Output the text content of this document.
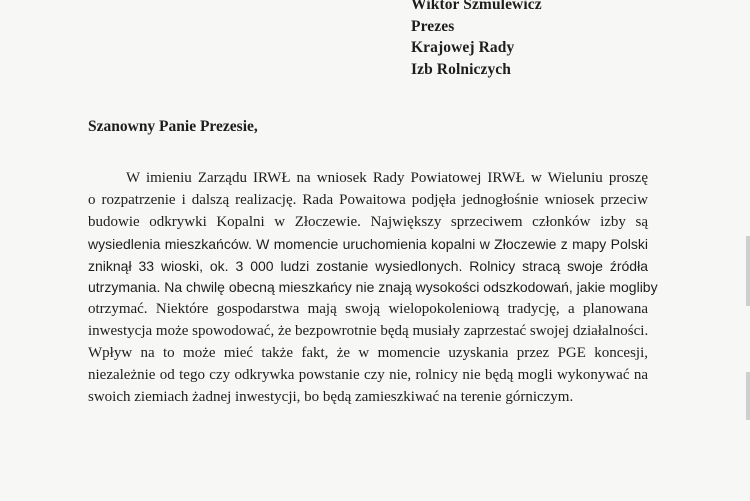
Wiktor Szmulewicz
Prezes
Krajowej Rady
Izb Rolniczych
Szanowny Panie Prezesie,
W imieniu Zarządu IRWŁ na wniosek Rady Powiatowej IRWŁ w Wieluniu proszę
o rozpatrzenie i dalszą realizację. Rada Powaitowa podjęła jednogłośnie wniosek przeciw
budowie odkrywki Kopalni w Złoczewie. Największy sprzeciwem członków izby są
wysiedlenia mieszkańców. W momencie uruchomienia kopalni w Złoczewie z mapy Polski
zniknął 33 wioski, ok. 3 000 ludzi zostanie wysiedlonych. Rolnicy stracą swoje źródła
utrzymania. Na chwilę obecną mieszkańcy nie znają wysokości odszkodowań, jakie mogliby
otrzymać. Niektóre gospodarstwa mają swoją wielopokoleniową tradycję, a planowana
inwestycja może spowodować, że bezpowrotnie będą musiały zaprzestać swojej działalności.
Wpływ na to może mieć także fakt, że w momencie uzyskania przez PGE koncesji,
niezależnie od tego czy odkrywka powstanie czy nie, rolnicy nie będą mogli wykonywać na
swoich ziemiach żadnej inwestycji, bo będą zamieszkiwać na terenie górniczym.
